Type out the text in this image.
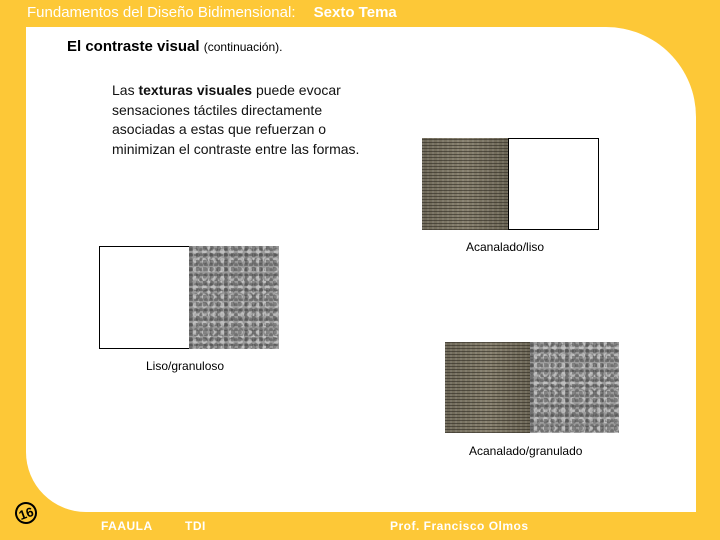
Fundamentos del Diseño Bidimensional: Sexto Tema
El contraste visual (continuación).
Las texturas visuales puede evocar sensaciones táctiles directamente asociadas a estas que refuerzan o minimizan el contraste entre las formas.
Acanalado/liso
Liso/granuloso
Acanalado/granulado
16
FAAULA	TDI	Prof. Francisco Olmos
